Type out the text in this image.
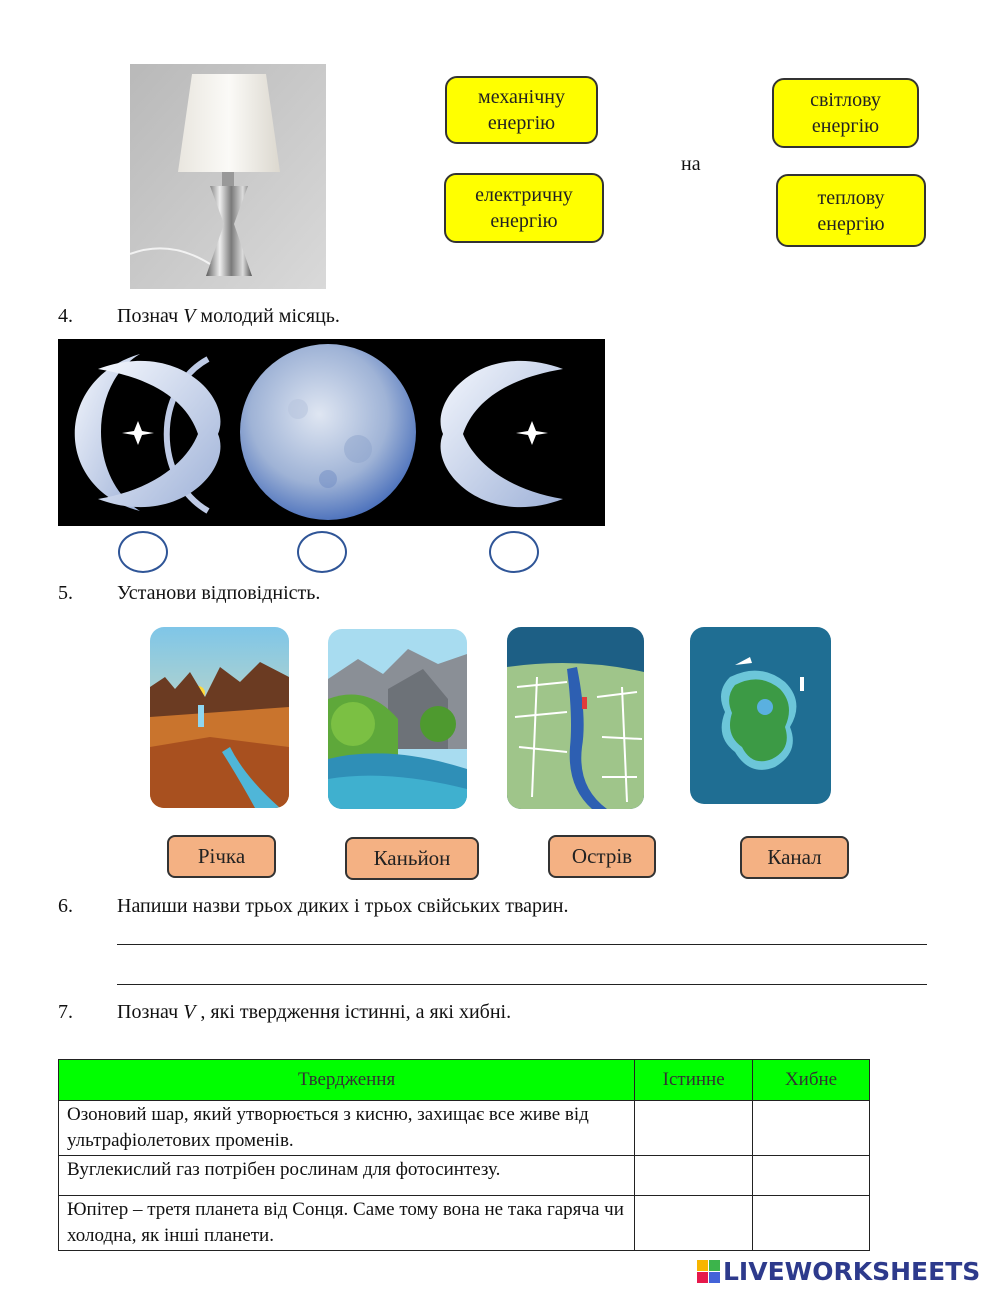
механічну
енергію
електричну
енергію
на
світлову
енергію
теплову
енергію
4. Познач V молодий місяць.
5. Установи відповідність.
Річка	Каньйон	Острів	Канал
6. Напиши назви трьох диких і трьох свійських тварин.
7. Познач V , які твердження істинні, а які хибні.
Твердження	Істинне	Хибне
Озоновий шар, який утворюється з кисню, захищає все живе від ультрафіолетових променів.		
Вуглекислий газ потрібен рослинам для фотосинтезу.		
Юпітер – третя планета від Сонця. Саме тому вона не така гаряча чи холодна, як інші планети.		
LIVEWORKSHEETS
